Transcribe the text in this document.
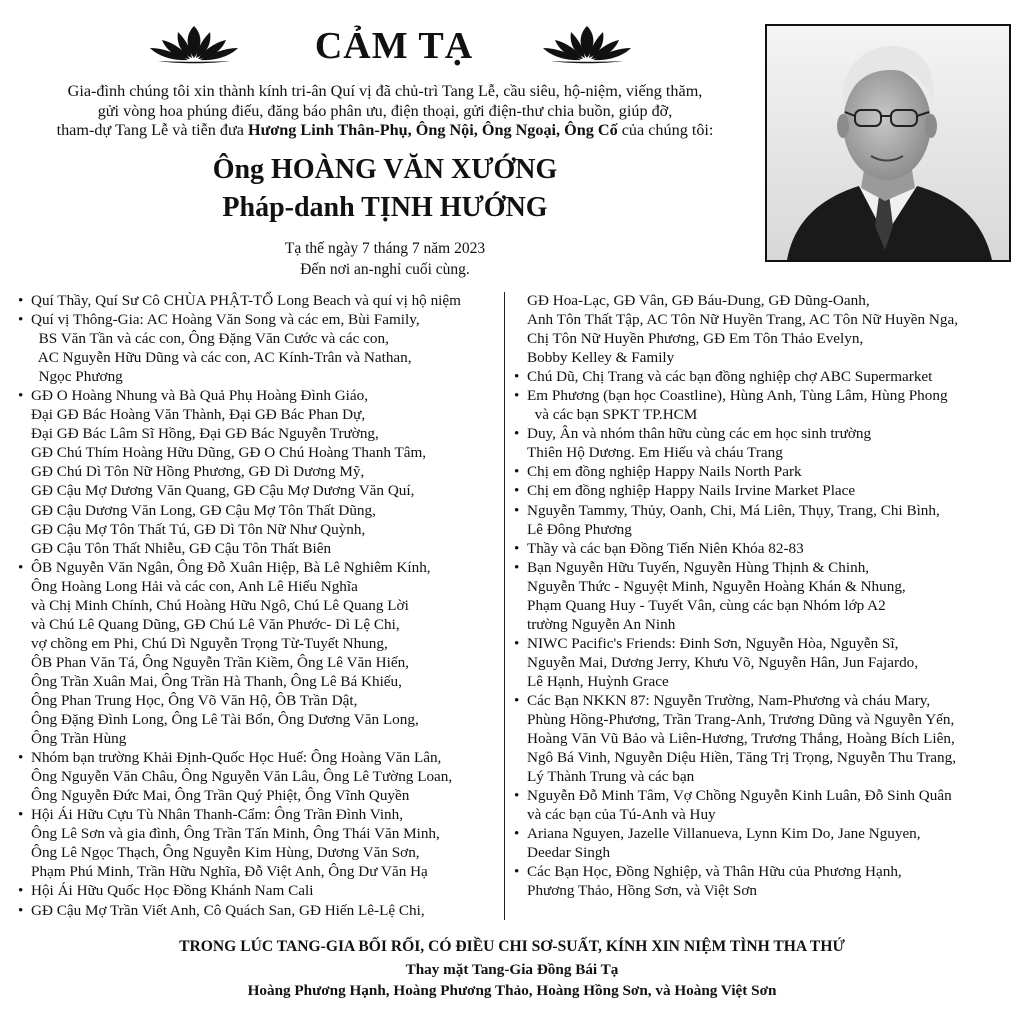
CẢM TẠ
Gia-đình chúng tôi xin thành kính tri-ân Quí vị đã chủ-trì Tang Lễ, cầu siêu, hộ-niệm, viếng thăm,
gửi vòng hoa phúng điếu, đăng báo phân ưu, điện thoại, gửi điện-thư chia buồn, giúp đỡ,
tham-dự Tang Lễ và tiễn đưa Hương Linh Thân-Phụ, Ông Nội, Ông Ngoại, Ông Cố của chúng tôi:
Ông HOÀNG VĂN XƯỚNG
Pháp-danh TỊNH HƯỚNG
Tạ thế ngày 7 tháng 7 năm 2023
Đến nơi an-nghỉ cuối cùng.
• Quí Thầy, Quí Sư Cô CHÙA PHẬT-TỔ Long Beach và quí vị hộ niệm
• Quí vị Thông-Gia: AC Hoàng Văn Song và các em, Bùi Family,
BS Văn Tần và các con, Ông Đặng Văn Cước và các con,
AC Nguyễn Hữu Dũng và các con, AC Kính-Trân và Nathan,
Ngọc Phương
• GĐ O Hoàng Nhung và Bà Quả Phụ Hoàng Đình Giáo,
Đại GĐ Bác Hoàng Văn Thành, Đại GĐ Bác Phan Dự,
Đại GĐ Bác Lâm Sĩ Hồng, Đại GĐ Bác Nguyễn Trường,
GĐ Chú Thím Hoàng Hữu Dũng, GĐ O Chú Hoàng Thanh Tâm,
GĐ Chú Dì Tôn Nữ Hồng Phương, GĐ Dì Dương Mỹ,
GĐ Cậu Mợ Dương Văn Quang, GĐ Cậu Mợ Dương Văn Quí,
GĐ Cậu Dương Văn Long, GĐ Cậu Mợ Tôn Thất Dũng,
GĐ Cậu Mợ Tôn Thất Tú, GĐ Dì Tôn Nữ Như Quỳnh,
GĐ Cậu Tôn Thất Nhiễu, GĐ Cậu Tôn Thất Biên
• ÔB Nguyễn Văn Ngân, Ông Đỗ Xuân Hiệp, Bà Lê Nghiêm Kính,
Ông Hoàng Long Hải và các con, Anh Lê Hiếu Nghĩa
và Chị Minh Chính, Chú Hoàng Hữu Ngô, Chú Lê Quang Lời
và Chú Lê Quang Dũng, GĐ Chú Lê Văn Phước- Dì Lệ Chi,
vợ chồng em Phi, Chú Dì Nguyễn Trọng Từ-Tuyết Nhung,
ÔB Phan Văn Tá, Ông Nguyễn Trần Kiềm, Ông Lê Văn Hiến,
Ông Trần Xuân Mai, Ông Trần Hà Thanh, Ông Lê Bá Khiếu,
Ông Phan Trung Học, Ông Võ Văn Hộ, ÔB Trần Dật,
Ông Đặng Đình Long, Ông Lê Tài Bổn, Ông Dương Văn Long,
Ông Trần Hùng
• Nhóm bạn trường Khải Định-Quốc Học Huế: Ông Hoàng Văn Lân,
Ông Nguyễn Văn Châu, Ông Nguyễn Văn Lâu, Ông Lê Tường Loan,
Ông Nguyễn Đức Mai, Ông Trần Quý Phiệt, Ông Vĩnh Quyền
• Hội Ái Hữu Cựu Tù Nhân Thanh-Cẩm: Ông Trần Đình Vinh,
Ông Lê Sơn và gia đình, Ông Trần Tấn Minh, Ông Thái Văn Minh,
Ông Lê Ngọc Thạch, Ông Nguyễn Kim Hùng, Dương Văn Sơn,
Phạm Phú Minh, Trần Hữu Nghĩa, Đỗ Việt Anh, Ông Dư Văn Hạ
• Hội Ái Hữu Quốc Học Đồng Khánh Nam Cali
• GĐ Cậu Mợ Trần Viết Anh, Cô Quách San, GĐ Hiến Lê-Lệ Chi,
GĐ Hoa-Lạc, GĐ Vân, GĐ Báu-Dung, GĐ Dũng-Oanh,
Anh Tôn Thất Tập, AC Tôn Nữ Huyền Trang, AC Tôn Nữ Huyền Nga,
Chị Tôn Nữ Huyền Phương, GĐ Em Tôn Thảo Evelyn,
Bobby Kelley & Family
• Chú Dũ, Chị Trang và các bạn đồng nghiệp chợ ABC Supermarket
• Em Phương (bạn học Coastline), Hùng Anh, Tùng Lâm, Hùng Phong
và các bạn SPKT TP.HCM
• Duy, Ân và nhóm thân hữu cùng các em học sinh trường
Thiên Hộ Dương. Em Hiếu và cháu Trang
• Chị em đồng nghiệp Happy Nails North Park
• Chị em đồng nghiệp Happy Nails Irvine Market Place
• Nguyễn Tammy, Thủy, Oanh, Chi, Má Liên, Thụy, Trang, Chi Bình,
Lê Đông Phương
• Thầy và các bạn Đồng Tiến Niên Khóa 82-83
• Bạn Nguyễn Hữu Tuyến, Nguyễn Hùng Thịnh & Chinh,
Nguyễn Thức - Nguyệt Minh, Nguyễn Hoàng Khán & Nhung,
Phạm Quang Huy - Tuyết Vân, cùng các bạn Nhóm lớp A2
trường Nguyễn An Ninh
• NIWC Pacific's Friends: Đinh Sơn, Nguyễn Hòa, Nguyễn Sĩ,
Nguyễn Mai, Dương Jerry, Khưu Võ, Nguyễn Hân, Jun Fajardo,
Lê Hạnh, Huỳnh Grace
• Các Bạn NKKN 87: Nguyễn Trường, Nam-Phương và cháu Mary,
Phùng Hồng-Phương, Trần Trang-Anh, Trương Dũng và Nguyễn Yến,
Hoàng Văn Vũ Bảo và Liên-Hương, Trương Thắng, Hoàng Bích Liên,
Ngô Bá Vinh, Nguyễn Diệu Hiền, Tăng Trị Trọng, Nguyễn Thu Trang,
Lý Thành Trung và các bạn
• Nguyễn Đỗ Minh Tâm, Vợ Chồng Nguyễn Kinh Luân, Đỗ Sinh Quân
và các bạn của Tú-Anh và Huy
• Ariana Nguyen, Jazelle Villanueva, Lynn Kim Do, Jane Nguyen,
Deedar Singh
• Các Bạn Học, Đồng Nghiệp, và Thân Hữu của Phương Hạnh,
Phương Thảo, Hồng Sơn, và Việt Sơn
TRONG LÚC TANG-GIA BỐI RỐI, CÓ ĐIỀU CHI SƠ-SUẤT, KÍNH XIN NIỆM TÌNH THA THỨ
Thay mặt Tang-Gia Đồng Bái Tạ
Hoàng Phương Hạnh, Hoàng Phương Thảo, Hoàng Hồng Sơn, và Hoàng Việt Sơn
